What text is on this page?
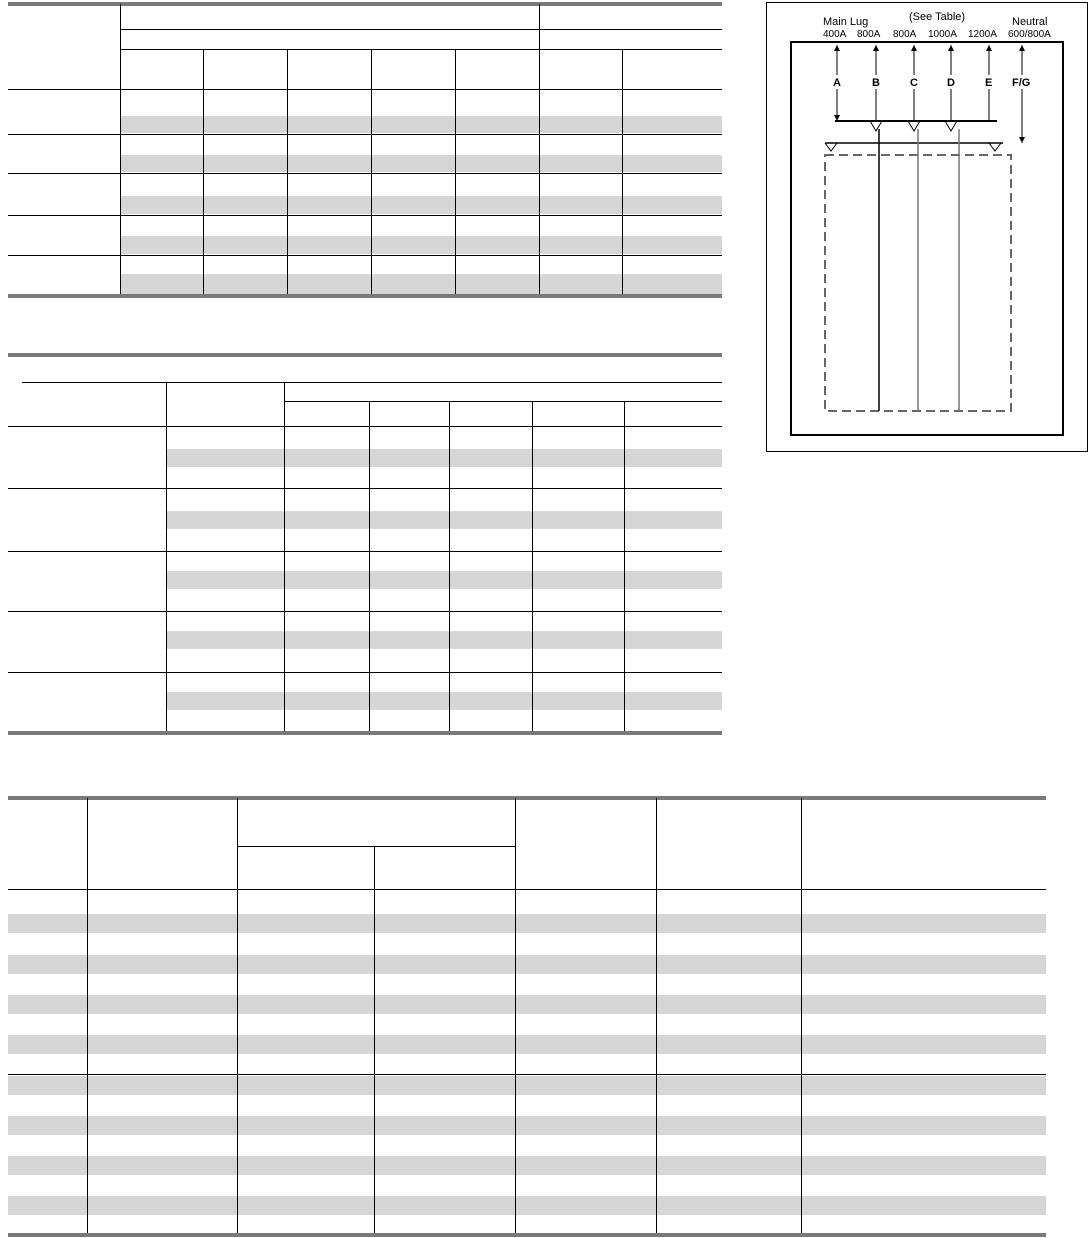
Main Lug	(See Table)	Neutral
400A 800A 800A 1000A 1200A 600/800A
A	B	C	D	E F/G
